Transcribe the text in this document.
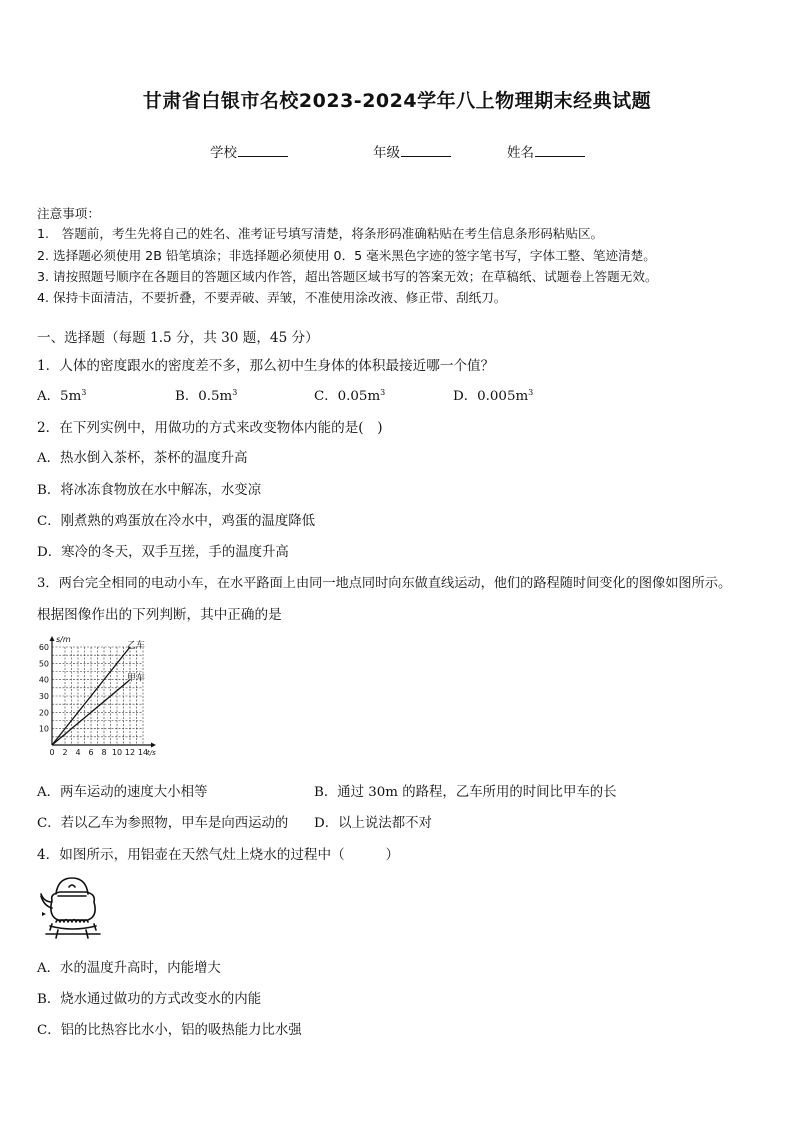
甘肃省白银市名校2023-2024学年八上物理期末经典试题
学校	年级	姓名
注意事项：
1.　答题前，考生先将自己的姓名、准考证号填写清楚，将条形码准确粘贴在考生信息条形码粘贴区。
2. 选择题必须使用 2B 铅笔填涂；非选择题必须使用 0．5 毫米黑色字迹的签字笔书写，字体工整、笔迹清楚。
3. 请按照题号顺序在各题目的答题区域内作答，超出答题区域书写的答案无效；在草稿纸、试题卷上答题无效。
4. 保持卡面清洁，不要折叠，不要弄破、弄皱，不准使用涂改液、修正带、刮纸刀。
一、选择题（每题 1.5 分，共 30 题，45 分）
1．人体的密度跟水的密度差不多，那么初中生身体的体积最接近哪一个值？
A．$5m^3$	B．$0.5m^3$	C．$0.05m^3$	D．$0.005m^3$
2．在下列实例中，用做功的方式来改变物体内能的是(　)
A．热水倒入茶杯，茶杯的温度升高
B．将冰冻食物放在水中解冻，水变凉
C．刚煮熟的鸡蛋放在冷水中，鸡蛋的温度降低
D．寒冷的冬天，双手互搓，手的温度升高
3．两台完全相同的电动小车，在水平路面上由同一地点同时向东做直线运动，他们的路程随时间变化的图像如图所示。
根据图像作出的下列判断，其中正确的是
s/m
t/s
0 2 4 6 8 10 12 14
10
20
30
40
50
60	乙车
甲车
A．两车运动的速度大小相等	B．通过 30m 的路程，乙车所用的时间比甲车的长
C．若以乙车为参照物，甲车是向西运动的 D．以上说法都不对
4．如图所示，用铝壶在天然气灶上烧水的过程中（　　　）
A．水的温度升高时，内能增大
B．烧水通过做功的方式改变水的内能
C．铝的比热容比水小，铝的吸热能力比水强
